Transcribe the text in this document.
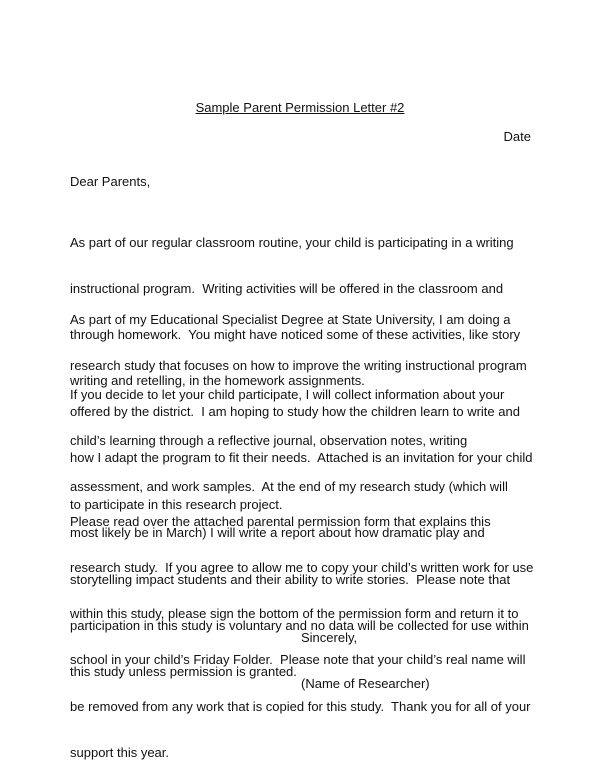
Sample Parent Permission Letter #2
Date
Dear Parents,

As part of our regular classroom routine, your child is participating in a writing

instructional program.  Writing activities will be offered in the classroom and

through homework.  You might have noticed some of these activities, like story

writing and retelling, in the homework assignments.

As part of my Educational Specialist Degree at State University, I am doing a

research study that focuses on how to improve the writing instructional program

offered by the district.  I am hoping to study how the children learn to write and

how I adapt the program to fit their needs.  Attached is an invitation for your child

to participate in this research project.

If you decide to let your child participate, I will collect information about your

child’s learning through a reflective journal, observation notes, writing

assessment, and work samples.  At the end of my research study (which will

most likely be in March) I will write a report about how dramatic play and

storytelling impact students and their ability to write stories.  Please note that

participation in this study is voluntary and no data will be collected for use within

this study unless permission is granted.

Please read over the attached parental permission form that explains this

research study.  If you agree to allow me to copy your child’s written work for use

within this study, please sign the bottom of the permission form and return it to

school in your child’s Friday Folder.  Please note that your child’s real name will

be removed from any work that is copied for this study.  Thank you for all of your

support this year.

Sincerely,

(Name of Researcher)
